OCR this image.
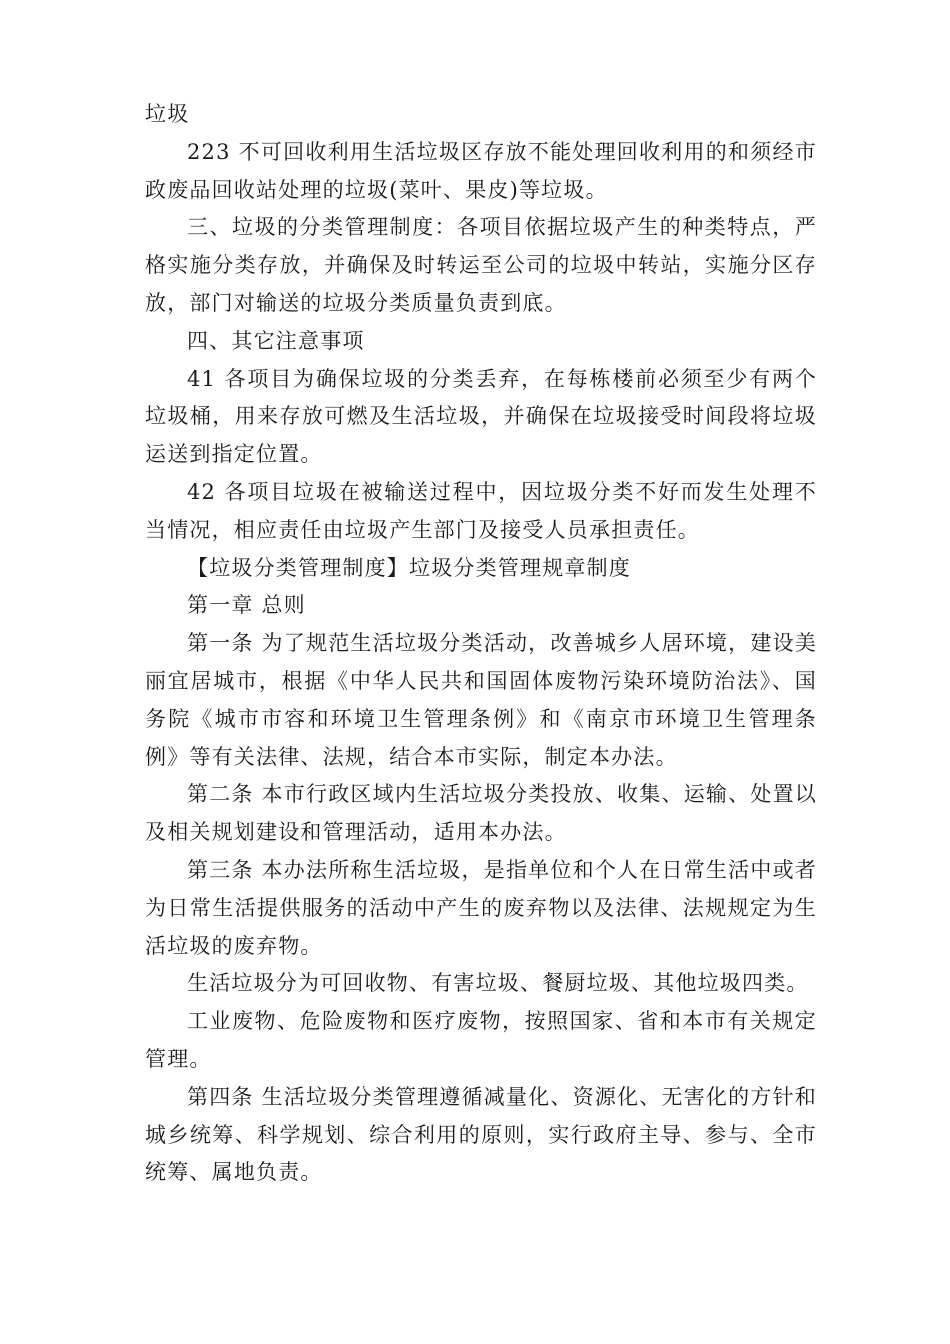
垃圾

223 不可回收利用生活垃圾区存放不能处理回收利用的和须经市政废品回收站处理的垃圾(菜叶、果皮)等垃圾。

三、垃圾的分类管理制度：各项目依据垃圾产生的种类特点，严格实施分类存放，并确保及时转运至公司的垃圾中转站，实施分区存放，部门对输送的垃圾分类质量负责到底。

四、其它注意事项

41 各项目为确保垃圾的分类丢弃，在每栋楼前必须至少有两个垃圾桶，用来存放可燃及生活垃圾，并确保在垃圾接受时间段将垃圾运送到指定位置。

42 各项目垃圾在被输送过程中，因垃圾分类不好而发生处理不当情况，相应责任由垃圾产生部门及接受人员承担责任。

【垃圾分类管理制度】垃圾分类管理规章制度

第一章 总则

第一条 为了规范生活垃圾分类活动，改善城乡人居环境，建设美丽宜居城市，根据《中华人民共和国固体废物污染环境防治法》、国务院《城市市容和环境卫生管理条例》和《南京市环境卫生管理条例》等有关法律、法规，结合本市实际，制定本办法。

第二条 本市行政区域内生活垃圾分类投放、收集、运输、处置以及相关规划建设和管理活动，适用本办法。

第三条 本办法所称生活垃圾，是指单位和个人在日常生活中或者为日常生活提供服务的活动中产生的废弃物以及法律、法规规定为生活垃圾的废弃物。

生活垃圾分为可回收物、有害垃圾、餐厨垃圾、其他垃圾四类。

工业废物、危险废物和医疗废物，按照国家、省和本市有关规定管理。

第四条 生活垃圾分类管理遵循减量化、资源化、无害化的方针和城乡统筹、科学规划、综合利用的原则，实行政府主导、参与、全市统筹、属地负责。
